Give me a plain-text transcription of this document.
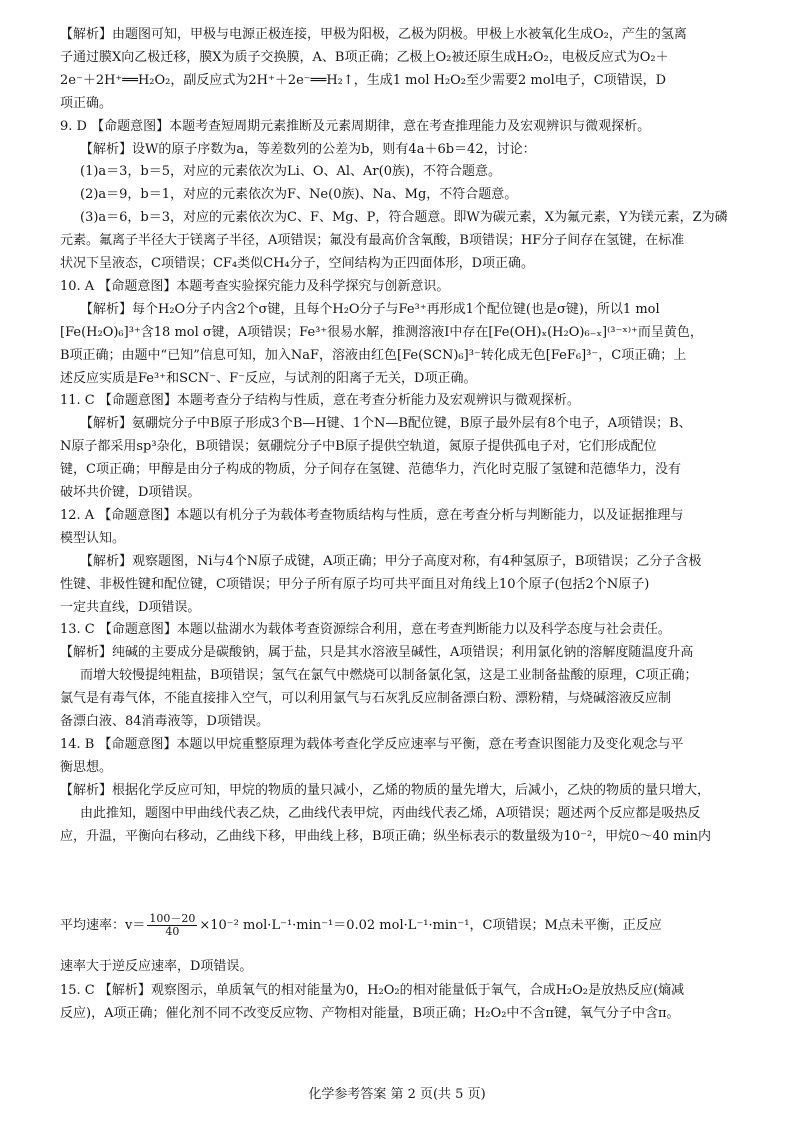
【解析】由题图可知，甲极与电源正极连接，甲极为阳极，乙极为阴极。甲极上水被氧化生成O₂，产生的氢离
子通过膜X向乙极迁移，膜X为质子交换膜，A、B项正确；乙极上O₂被还原生成H₂O₂，电极反应式为O₂＋
2e⁻＋2H⁺══H₂O₂，副反应式为2H⁺＋2e⁻══H₂↑，生成1 mol H₂O₂至少需要2 mol电子，C项错误，D
项正确。
9. D 【命题意图】本题考查短周期元素推断及元素周期律，意在考查推理能力及宏观辨识与微观探析。
【解析】设W的原子序数为a，等差数列的公差为b，则有4a＋6b＝42，讨论：
(1)a＝3，b＝5，对应的元素依次为Li、O、Al、Ar(0族)，不符合题意。
(2)a＝9，b＝1，对应的元素依次为F、Ne(0族)、Na、Mg，不符合题意。
(3)a＝6，b＝3，对应的元素依次为C、F、Mg、P，符合题意。即W为碳元素，X为氟元素，Y为镁元素，Z为磷
元素。氟离子半径大于镁离子半径，A项错误；氟没有最高价含氧酸，B项错误；HF分子间存在氢键，在标准
状况下呈液态，C项错误；CF₄类似CH₄分子，空间结构为正四面体形，D项正确。
10. A 【命题意图】本题考查实验探究能力及科学探究与创新意识。
【解析】每个H₂O分子内含2个σ键，且每个H₂O分子与Fe³⁺再形成1个配位键(也是σ键)，所以1 mol
[Fe(H₂O)₆]³⁺含18 mol σ键，A项错误；Fe³⁺很易水解，推测溶液Ⅰ中存在[Fe(OH)ₓ(H₂O)₆₋ₓ]⁽³⁻ˣ⁾⁺而呈黄色，
B项正确；由题中“已知”信息可知，加入NaF，溶液由红色[Fe(SCN)₆]³⁻转化成无色[FeF₆]³⁻，C项正确；上
述反应实质是Fe³⁺和SCN⁻、F⁻反应，与试剂的阳离子无关，D项正确。
11. C 【命题意图】本题考查分子结构与性质，意在考查分析能力及宏观辨识与微观探析。
【解析】氨硼烷分子中B原子形成3个B—H键、1个N—B配位键，B原子最外层有8个电子，A项错误；B、
N原子都采用sp³杂化，B项错误；氨硼烷分子中B原子提供空轨道，氮原子提供孤电子对，它们形成配位
键，C项正确；甲醇是由分子构成的物质，分子间存在氢键、范德华力，汽化时克服了氢键和范德华力，没有
破坏共价键，D项错误。
12. A 【命题意图】本题以有机分子为载体考查物质结构与性质，意在考查分析与判断能力，以及证据推理与
模型认知。
【解析】观察题图，Ni与4个N原子成键，A项正确；甲分子高度对称，有4种氢原子，B项错误；乙分子含极
性键、非极性键和配位键，C项错误；甲分子所有原子均可共平面且对角线上10个原子(包括2个N原子)
一定共直线，D项错误。
13. C 【命题意图】本题以盐湖水为载体考查资源综合利用，意在考查判断能力以及科学态度与社会责任。
【解析】纯碱的主要成分是碳酸钠，属于盐，只是其水溶液呈碱性，A项错误；利用氯化钠的溶解度随温度升高
而增大较慢提纯粗盐，B项错误；氢气在氯气中燃烧可以制备氯化氢，这是工业制备盐酸的原理，C项正确；
氯气是有毒气体，不能直接排入空气，可以利用氯气与石灰乳反应制备漂白粉、漂粉精，与烧碱溶液反应制
备漂白液、84消毒液等，D项错误。
14. B 【命题意图】本题以甲烷重整原理为载体考查化学反应速率与平衡，意在考查识图能力及变化观念与平
衡思想。
【解析】根据化学反应可知，甲烷的物质的量只减小，乙烯的物质的量先增大，后减小，乙炔的物质的量只增大，
由此推知，题图中甲曲线代表乙炔，乙曲线代表甲烷，丙曲线代表乙烯，A项错误；题述两个反应都是吸热反
应，升温，平衡向右移动，乙曲线下移，甲曲线上移，B项正确；纵坐标表示的数量级为10⁻²，甲烷0～40 min内
平均速率：$v= \frac{100-20}{40} \times 10^{-2}$ mol·L⁻¹·min⁻¹＝0.02 mol·L⁻¹·min⁻¹，C项错误；M点未平衡，正反应
速率大于逆反应速率，D项错误。
15. C 【解析】观察图示，单质氧气的相对能量为0，H₂O₂的相对能量低于氧气，合成H₂O₂是放热反应(熵减
反应)，A项正确；催化剂不同不改变反应物、产物相对能量，B项正确；H₂O₂中不含π键，氧气分子中含π。
化学参考答案 第 2 页(共 5 页)
